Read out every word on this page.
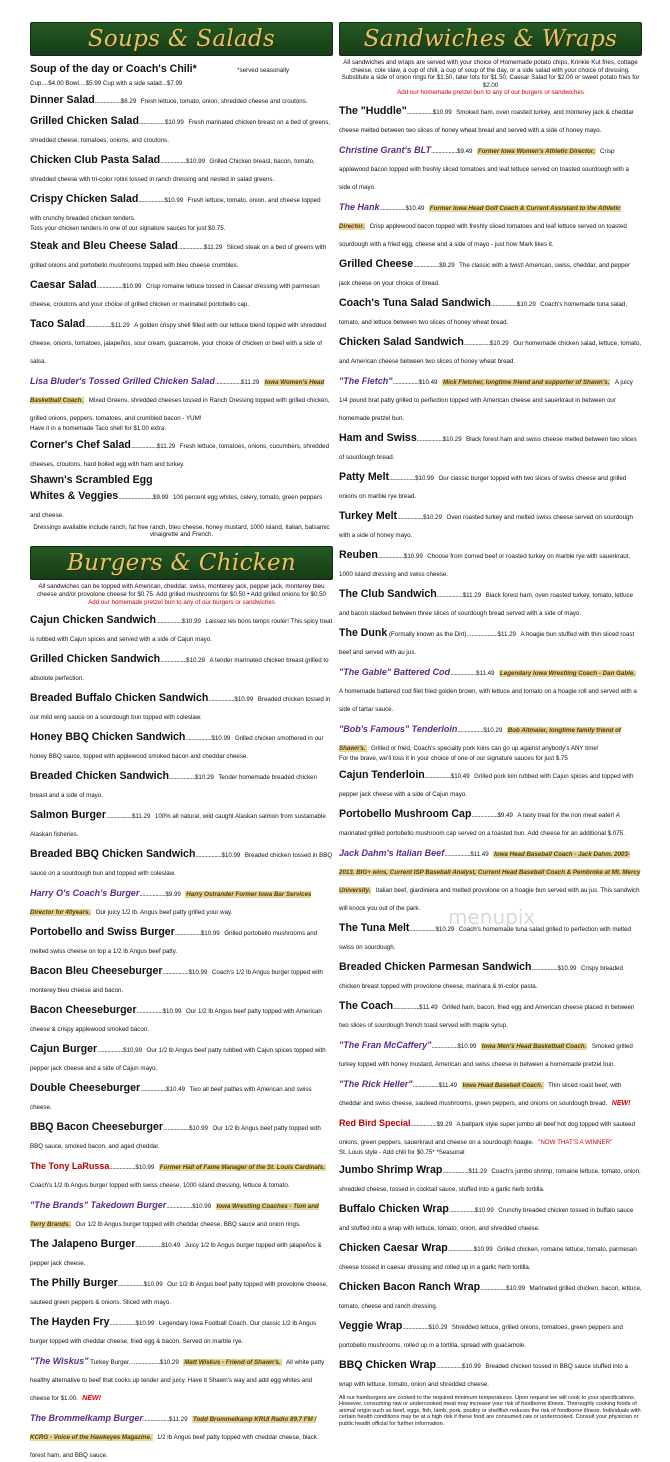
Soups & Salads
Soup of the day or Coach's Chili*	*served seasonally
Cup....$4.00 Bowl....$5.99 Cup with a side salad...$7.99
Dinner Salad..................$6.29 Fresh lettuce, tomato, onion, shredded cheese and croutons.
Grilled Chicken Salad..................$10.99 Fresh marinated chicken breast on a bed of greens, shredded cheese, tomatoes, onions, and croutons.
Chicken Club Pasta Salad..................$10.99 Grilled Chicken breast, bacon, tomato, shredded cheese with tri-color rotini tossed in ranch dressing and nested in salad greens.
Crispy Chicken Salad..................$10.99 Fresh lettuce, tomato, onion, and cheese topped with crunchy breaded chicken tenders.
Toss your chicken tenders in one of our signature sauces for just $0.75.
Steak and Bleu Cheese Salad..................$11.29 Sliced steak on a bed of greens with grilled onions and portobello mushrooms topped with bleu cheese crumbles.
Caesar Salad..................$10.99 Crisp romaine lettuce tossed in Caesar dressing with parmesan cheese, croutons and your choice of grilled chicken or marinated portobello cap.
Taco Salad..................$11.29 A golden crispy shell filled with our lettuce blend topped with shredded cheese, onions, tomatoes, jalapeños, sour cream, guacamole, your choice of chicken or beef with a side of salsa.
Lisa Bluder's Tossed Grilled Chicken Salad..................$11.29 Iowa Women's Head Basketball Coach. Mixed Greens, shredded cheeses tossed in Ranch Dressing topped with grilled chicken, grilled onions, peppers, tomatoes, and crumbled bacon - YUM!
Have it in a homemade Taco shell for $1.00 extra.
Corner's Chef Salad..................$11.29 Fresh lettuce, tomatoes, onions, cucumbers, shredded cheeses, croutons, hard boiled egg with ham and turkey.
Shawn's Scrambled Egg
Whites & Veggies........................$9.99 100 percent egg whites, celery, tomato, green peppers and cheese.
Dressings available include ranch, fat free ranch, bleu cheese, honey mustard, 1000 island, Italian, balsamic vinaigrette and French.
Burgers & Chicken
All sandwiches can be topped with American, cheddar, swiss, monterey jack, pepper jack, monterey bleu cheese and/or provolone cheese for $0.75. Add grilled mushrooms for $0.50 • Add grilled onions for $0.50
Add our homemade pretzel bun to any of our burgers or sandwiches
Cajun Chicken Sandwich..................$10.99 Laissez les bons temps rouler! This spicy treat is rubbed with Cajun spices and served with a side of Cajun mayo.
Grilled Chicken Sandwich..................$10.29 A tender marinated chicken breast grilled to absolute perfection.
Breaded Buffalo Chicken Sandwich..................$10.99 Breaded chicken tossed in our mild wing sauce on a sourdough bun topped with coleslaw.
Honey BBQ Chicken Sandwich..................$10.99 Grilled chicken smothered in our honey BBQ sauce, topped with applewood smoked bacon and cheddar cheese.
Breaded Chicken Sandwich..................$10.29 Tender homemade breaded chicken breast and a side of mayo.
Salmon Burger..................$11.29 100% all natural, wild caught Alaskan salmon from sustainable Alaskan fisheries.
Breaded BBQ Chicken Sandwich..................$10.99 Breaded chicken tossed in BBQ sauce on a sourdough bun and topped with coleslaw.
Harry O's Coach's Burger..................$9.99 Harry Ostrander Former Iowa Bar Services Director for 40years. Our juicy 1/2 lb. Angus beef patty grilled your way.
Portobello and Swiss Burger..................$10.99 Grilled portobello mushrooms and melted swiss cheese on top a 1/2 lb Angus beef patty.
Bacon Bleu Cheeseburger..................$10.99 Coach's 1/2 lb Angus burger topped with monterey bleu cheese and bacon.
Bacon Cheeseburger..................$10.99 Our 1/2 lb Angus beef patty topped with American cheese & crispy applewood smoked bacon.
Cajun Burger..................$10.99 Our 1/2 lb Angus beef patty rubbed with Cajun spices topped with pepper jack cheese and a side of Cajun mayo.
Double Cheeseburger..................$10.49 Two all beef patties with American and swiss cheese.
BBQ Bacon Cheeseburger..................$10.99 Our 1/2 lb Angus beef patty topped with BBQ sauce, smoked bacon, and aged cheddar.
The Tony LaRussa..................$10.99 Former Hall of Fame Manager of the St. Louis Cardinals. Coach's 1/2 lb Angus burger topped with swiss cheese, 1000 island dressing, lettuce & tomato.
"The Brands" Takedown Burger..................$10.99 Iowa Wrestling Coaches - Tom and Terry Brands. Our 1/2 lb Angus burger topped with cheddar cheese, BBQ sauce and onion rings.
The Jalapeno Burger..................$10.49 Juicy 1/2 lb Angus burger topped with jalapeños & pepper jack cheese.
The Philly Burger..................$10.99 Our 1/2 lb Angus beef patty topped with provolone cheese, sauteed green peppers & onions. Sliced with mayo.
The Hayden Fry..................$10.99 Legendary Iowa Football Coach. Our classic 1/2 lb Angus burger topped with cheddar cheese, fried egg & bacon. Served on marble rye.
"The Wiskus" Turkey Burger.....................$10.29 Matt Wiskus - Friend of Shawn's. All white patty healthy alternative to beef that cooks up tender and juicy. Have it Shawn's way and add egg whites and cheese for $1.00. NEW!
The Brommelkamp Burger..................$11.29 Todd Brommelkamp KRUI Radio 89.7 FM / KCRG - Voice of the Hawkeyes Magazine. 1/2 lb Angus beef patty topped with cheddar cheese, black forest ham, and BBQ sauce.
Sandwiches & Wraps
All sandwiches and wraps are served with your choice of Homemade potato chips, Krinkle Kut fries, cottage cheese, cole slaw, a cup of chili, a cup of soup of the day, or a side salad with your choice of dressing. Substitute a side of onion rings for $1.50, tater tots for $1.50, Caesar Salad for $2.00 or sweet potato fries for $2.00
Add our homemade pretzel bun to any of our burgers or sandwiches
The "Huddle"..................$10.99 Smoked ham, oven roasted turkey, and monterey jack & cheddar cheese melted between two slices of honey wheat bread and served with a side of honey mayo.
Christine Grant's BLT..................$9.49 Former Iowa Women's Athletic Director. Crisp applewood bacon topped with freshly sliced tomatoes and leaf lettuce served on toasted sourdough with a side of mayo.
The Hank..................$10.49 Former Iowa Head Golf Coach & Current Assistant to the Athletic Director. Crisp applewood bacon topped with freshly sliced tomatoes and leaf lettuce served on toasted sourdough with a fried egg, cheese and a side of mayo - just how Mark likes it.
Grilled Cheese..................$9.29 The classic with a twist! American, swiss, cheddar, and pepper jack cheese on your choice of bread.
Coach's Tuna Salad Sandwich..................$10.29 Coach's homemade tuna salad, tomato, and lettuce between two slices of honey wheat bread.
Chicken Salad Sandwich..................$10.29 Our homemade chicken salad, lettuce, tomato, and American cheese between two slices of honey wheat bread.
"The Fletch"..................$10.49 Mick Fletcher, longtime friend and supporter of Shawn's. A juicy 1/4 pound brat patty grilled to perfection topped with American cheese and sauerkraut in between our homemade pretzel bun.
Ham and Swiss..................$10.29 Black forest ham and swiss cheese melted between two slices of sourdough bread.
Patty Melt..................$10.99 Our classic burger topped with two slices of swiss cheese and grilled onions on marble rye bread.
Turkey Melt..................$10.29 Oven roasted turkey and melted swiss cheese served on sourdough with a side of honey mayo.
Reuben..................$10.99 Choose from corned beef or roasted turkey on marble rye with sauerkraut, 1000 island dressing and swiss cheese.
The Club Sandwich..................$11.29 Black forest ham, oven roasted turkey, tomato, lettuce and bacon stacked between three slices of sourdough bread served with a side of mayo.
The Dunk (Formally known as the Dirt).....................$11.29 A hoagie bun stuffed with thin sliced roast beef and served with au jus.
"The Gable" Battered Cod..................$11.49 Legendary Iowa Wrestling Coach - Dan Gable. A homemade battered cod filet fried golden brown, with lettuce and tomato on a hoagie roll and served with a side of tartar sauce.
"Bob's Famous" Tenderloin..................$10.29 Bob Altmaier, longtime family friend of Shawn's. Grilled or fried, Coach's specialty pork loins can go up against anybody's ANY time!
For the brave, we'll toss it in your choice of one of our signature sauces for just $.75
Cajun Tenderloin..................$10.49 Grilled pork loin rubbed with Cajun spices and topped with pepper jack cheese with a side of Cajun mayo.
Portobello Mushroom Cap..................$9.49 A tasty treat for the non meat eater! A marinated grilled portobello mushroom cap served on a toasted bun. Add cheese for an additional $.075.
Jack Dahm's Italian Beef..................$11.49 Iowa Head Baseball Coach - Jack Dahm. 2003-2013. BIG+ wins, Current ISP Baseball Analyst, Current Head Baseball Coach & Pembroke at Mt. Mercy University. Italian beef, giardiniera and melted provolone on a hoagie bun served with au jus. This sandwich will knock you out of the park.
The Tuna Melt..................$10.29 Coach's homemade tuna salad grilled to perfection with melted swiss on sourdough.
Breaded Chicken Parmesan Sandwich..................$10.99 Crispy breaded chicken breast topped with provolone cheese, marinara & tri-color pasta.
The Coach..................$11.49 Grilled ham, bacon, fried egg and American cheese placed in between two slices of sourdough french toast served with maple syrup.
"The Fran McCaffery"..................$10.99 Iowa Men's Head Basketball Coach. Smoked grilled turkey topped with honey mustard, American and swiss cheese in between a homemade pretzel bun.
"The Rick Heller"..................$11.49 Iowa Head Baseball Coach. Thin sliced roast beef, with cheddar and swiss cheese, sauteed mushrooms, green peppers, and onions on sourdough bread. NEW!
Red Bird Special..................$9.29 A ballpark style super jumbo all beef hot dog topped with sauteed onions, green peppers, sauerkraut and cheese on a sourdough hoagie. "NOW THAT'S A WINNER"
St. Louis style - Add chili for $0.75* *Seasonal
Jumbo Shrimp Wrap..................$11.29 Coach's jumbo shrimp, romaine lettuce, tomato, onion, shredded cheese, tossed in cocktail sauce, stuffed into a garlic herb tortilla.
Buffalo Chicken Wrap..................$10.99 Crunchy breaded chicken tossed in buffalo sauce and stuffed into a wrap with lettuce, tomato, onion, and shredded cheese.
Chicken Caesar Wrap..................$10.99 Grilled chicken, romaine lettuce, tomato, parmesan cheese tossed in caesar dressing and rolled up in a garlic herb tortilla.
Chicken Bacon Ranch Wrap..................$10.99 Marinated grilled chicken, bacon, lettuce, tomato, cheese and ranch dressing.
Veggie Wrap..................$10.29 Shredded lettuce, grilled onions, tomatoes, green peppers and portobello mushrooms, rolled up in a tortilla, spread with guacamole.
BBQ Chicken Wrap..................$10.99 Breaded chicken tossed in BBQ sauce stuffed into a wrap with lettuce, tomato, onion and shredded cheese.
All our hamburgers are cooked to the required minimum temperatures. Upon request we will cook to your specifications. However, consuming raw or undercooked meat may increase your risk of foodborne illness. Thoroughly cooking foods of animal origin such as beef, eggs, fish, lamb, pork, poultry or shellfish reduces the risk of foodborne illness. Individuals with certain health conditions may be at a high risk if these food are consumed raw or undercooked. Consult your physician or public health official for further information.
menupix
